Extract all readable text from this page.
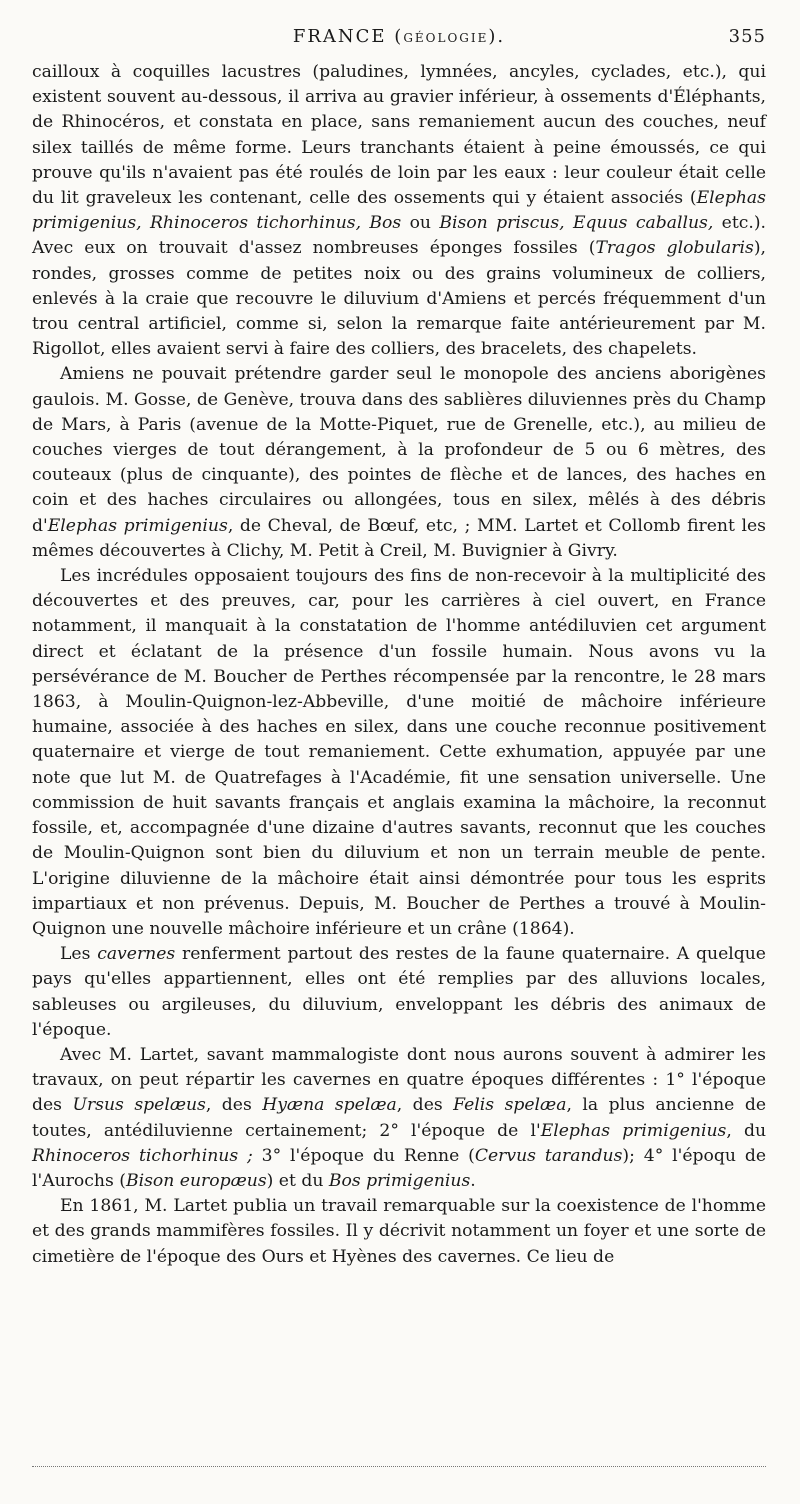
FRANCE (GÉOLOGIE).	355

cailloux à coquilles lacustres (paludines, lymnées, ancyles, cyclades, etc.), qui existent souvent au-dessous, il arriva au gravier inférieur, à ossements d'Éléphants, de Rhinocéros, et constata en place, sans remaniement aucun des couches, neuf silex taillés de même forme. Leurs tranchants étaient à peine émoussés, ce qui prouve qu'ils n'avaient pas été roulés de loin par les eaux : leur couleur était celle du lit graveleux les contenant, celle des ossements qui y étaient associés (Elephas primigenius, Rhinoceros tichorhinus, Bos ou Bison priscus, Equus caballus, etc.). Avec eux on trouvait d'assez nombreuses éponges fossiles (Tragos globularis), rondes, grosses comme de petites noix ou des grains volumineux de colliers, enlevés à la craie que recouvre le diluvium d'Amiens et percés fréquemment d'un trou central artificiel, comme si, selon la remarque faite antérieurement par M. Rigollot, elles avaient servi à faire des colliers, des bracelets, des chapelets.

Amiens ne pouvait prétendre garder seul le monopole des anciens aborigènes gaulois. M. Gosse, de Genève, trouva dans des sablières diluviennes près du Champ de Mars, à Paris (avenue de la Motte-Piquet, rue de Grenelle, etc.), au milieu de couches vierges de tout dérangement, à la profondeur de 5 ou 6 mètres, des couteaux (plus de cinquante), des pointes de flèche et de lances, des haches en coin et des haches circulaires ou allongées, tous en silex, mêlés à des débris d'Elephas primigenius, de Cheval, de Bœuf, etc, ; MM. Lartet et Collomb firent les mêmes découvertes à Clichy, M. Petit à Creil, M. Buvignier à Givry.

Les incrédules opposaient toujours des fins de non-recevoir à la multiplicité des découvertes et des preuves, car, pour les carrières à ciel ouvert, en France notamment, il manquait à la constatation de l'homme antédiluvien cet argument direct et éclatant de la présence d'un fossile humain. Nous avons vu la persévérance de M. Boucher de Perthes récompensée par la rencontre, le 28 mars 1863, à Moulin-Quignon-lez-Abbeville, d'une moitié de mâchoire inférieure humaine, associée à des haches en silex, dans une couche reconnue positivement quaternaire et vierge de tout remaniement. Cette exhumation, appuyée par une note que lut M. de Quatrefages à l'Académie, fit une sensation universelle. Une commission de huit savants français et anglais examina la mâchoire, la reconnut fossile, et, accompagnée d'une dizaine d'autres savants, reconnut que les couches de Moulin-Quignon sont bien du diluvium et non un terrain meuble de pente. L'origine diluvienne de la mâchoire était ainsi démontrée pour tous les esprits impartiaux et non prévenus. Depuis, M. Boucher de Perthes a trouvé à Moulin-Quignon une nouvelle mâchoire inférieure et un crâne (1864).

Les cavernes renferment partout des restes de la faune quaternaire. A quelque pays qu'elles appartiennent, elles ont été remplies par des alluvions locales, sableuses ou argileuses, du diluvium, enveloppant les débris des animaux de l'époque.

Avec M. Lartet, savant mammalogiste dont nous aurons souvent à admirer les travaux, on peut répartir les cavernes en quatre époques différentes : 1° l'époque des Ursus spelæus, des Hyæna spelæa, des Felis spelæa, la plus ancienne de toutes, antédiluvienne certainement; 2° l'époque de l'Elephas primigenius, du Rhinoceros tichorhinus ; 3° l'époque du Renne (Cervus tarandus); 4° l'époqu de l'Aurochs (Bison europæus) et du Bos primigenius.

En 1861, M. Lartet publia un travail remarquable sur la coexistence de l'homme et des grands mammifères fossiles. Il y décrivit notamment un foyer et une sorte de cimetière de l'époque des Ours et Hyènes des cavernes. Ce lieu de
